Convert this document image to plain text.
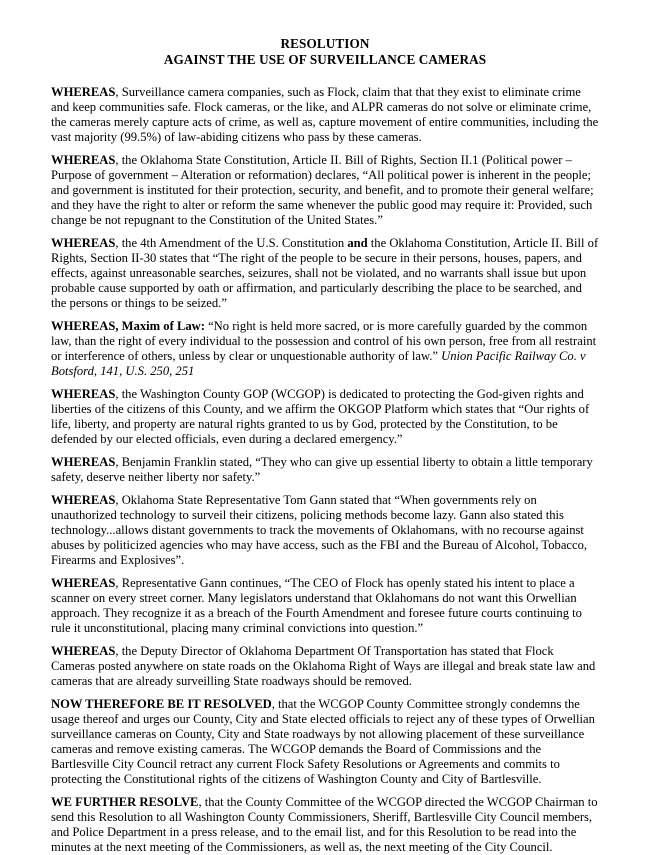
RESOLUTION
AGAINST THE USE OF SURVEILLANCE CAMERAS

WHEREAS, Surveillance camera companies, such as Flock, claim that that they exist to eliminate crime and keep communities safe. Flock cameras, or the like, and ALPR cameras do not solve or eliminate crime, the cameras merely capture acts of crime, as well as, capture movement of entire communities, including the vast majority (99.5%) of law-abiding citizens who pass by these cameras.

WHEREAS, the Oklahoma State Constitution, Article II. Bill of Rights, Section II.1 (Political power – Purpose of government – Alteration or reformation) declares, “All political power is inherent in the people; and government is instituted for their protection, security, and benefit, and to promote their general welfare; and they have the right to alter or reform the same whenever the public good may require it: Provided, such change be not repugnant to the Constitution of the United States.”

WHEREAS, the 4th Amendment of the U.S. Constitution and the Oklahoma Constitution, Article II. Bill of Rights, Section II-30 states that “The right of the people to be secure in their persons, houses, papers, and effects, against unreasonable searches, seizures, shall not be violated, and no warrants shall issue but upon probable cause supported by oath or affirmation, and particularly describing the place to be searched, and the persons or things to be seized.”

WHEREAS, Maxim of Law: “No right is held more sacred, or is more carefully guarded by the common law, than the right of every individual to the possession and control of his own person, free from all restraint or interference of others, unless by clear or unquestionable authority of law.” Union Pacific Railway Co. v Botsford, 141, U.S. 250, 251

WHEREAS, the Washington County GOP (WCGOP) is dedicated to protecting the God-given rights and liberties of the citizens of this County, and we affirm the OKGOP Platform which states that “Our rights of life, liberty, and property are natural rights granted to us by God, protected by the Constitution, to be defended by our elected officials, even during a declared emergency.”

WHEREAS, Benjamin Franklin stated, “They who can give up essential liberty to obtain a little temporary safety, deserve neither liberty nor safety.”

WHEREAS, Oklahoma State Representative Tom Gann stated that “When governments rely on unauthorized technology to surveil their citizens, policing methods become lazy. Gann also stated this technology...allows distant governments to track the movements of Oklahomans, with no recourse against abuses by politicized agencies who may have access, such as the FBI and the Bureau of Alcohol, Tobacco, Firearms and Explosives”.

WHEREAS, Representative Gann continues, “The CEO of Flock has openly stated his intent to place a scanner on every street corner. Many legislators understand that Oklahomans do not want this Orwellian approach. They recognize it as a breach of the Fourth Amendment and foresee future courts continuing to rule it unconstitutional, placing many criminal convictions into question.”

WHEREAS, the Deputy Director of Oklahoma Department Of Transportation has stated that Flock Cameras posted anywhere on state roads on the Oklahoma Right of Ways are illegal and break state law and cameras that are already surveilling State roadways should be removed.

NOW THEREFORE BE IT RESOLVED, that the WCGOP County Committee strongly condemns the usage thereof and urges our County, City and State elected officials to reject any of these types of Orwellian surveillance cameras on County, City and State roadways by not allowing placement of these surveillance cameras and remove existing cameras. The WCGOP demands the Board of Commissions and the Bartlesville City Council retract any current Flock Safety Resolutions or Agreements and commits to protecting the Constitutional rights of the citizens of Washington County and City of Bartlesville.

WE FURTHER RESOLVE, that the County Committee of the WCGOP directed the WCGOP Chairman to send this Resolution to all Washington County Commissioners, Sheriff, Bartlesville City Council members, and Police Department in a press release, and to the email list, and for this Resolution to be read into the minutes at the next meeting of the Commissioners, as well as, the next meeting of the City Council.
